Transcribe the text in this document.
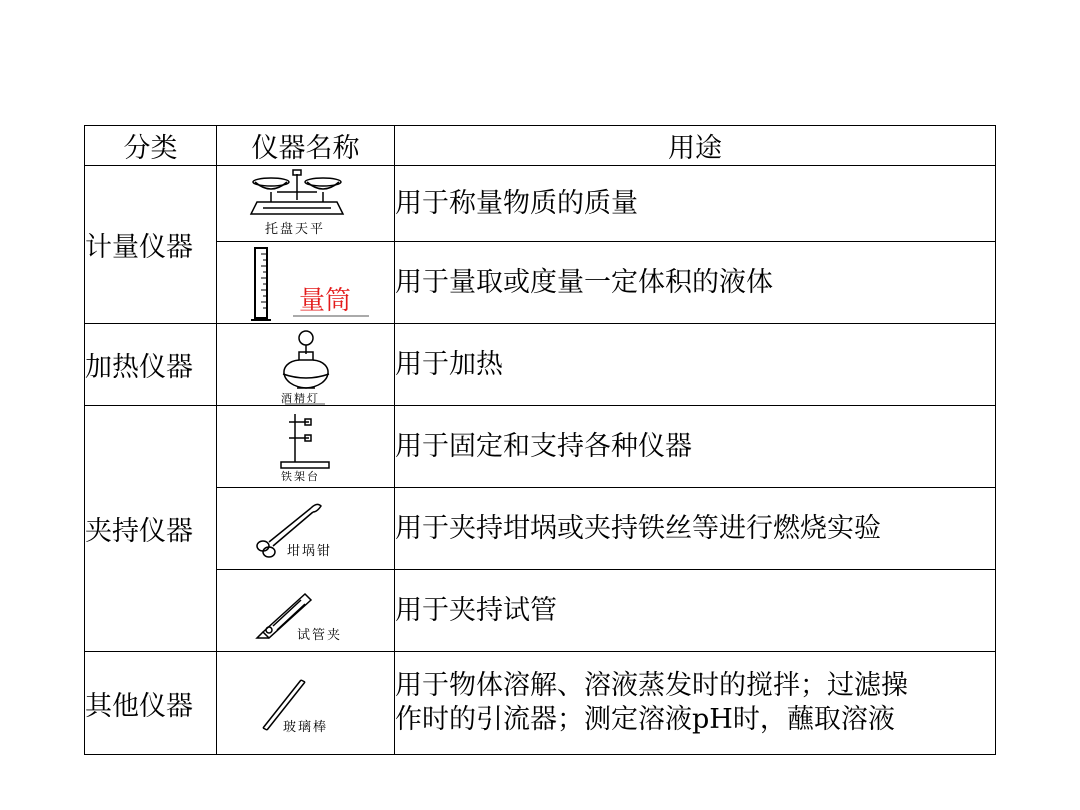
分类	仪器名称	用途
计量仪器	托盘天平	用于称量物质的质量

	量筒	用于量取或度量一定体积的液体
加热仪器	酒精灯	用于加热
夹持仪器	铁架台	用于固定和支持各种仪器

	坩埚钳	用于夹持坩埚或夹持铁丝等进行燃烧实验

	试管夹	用于夹持试管
其他仪器	玻璃棒	用于物体溶解、溶液蒸发时的搅拌；过滤操
作时的引流器；测定溶液pH时，蘸取溶液
